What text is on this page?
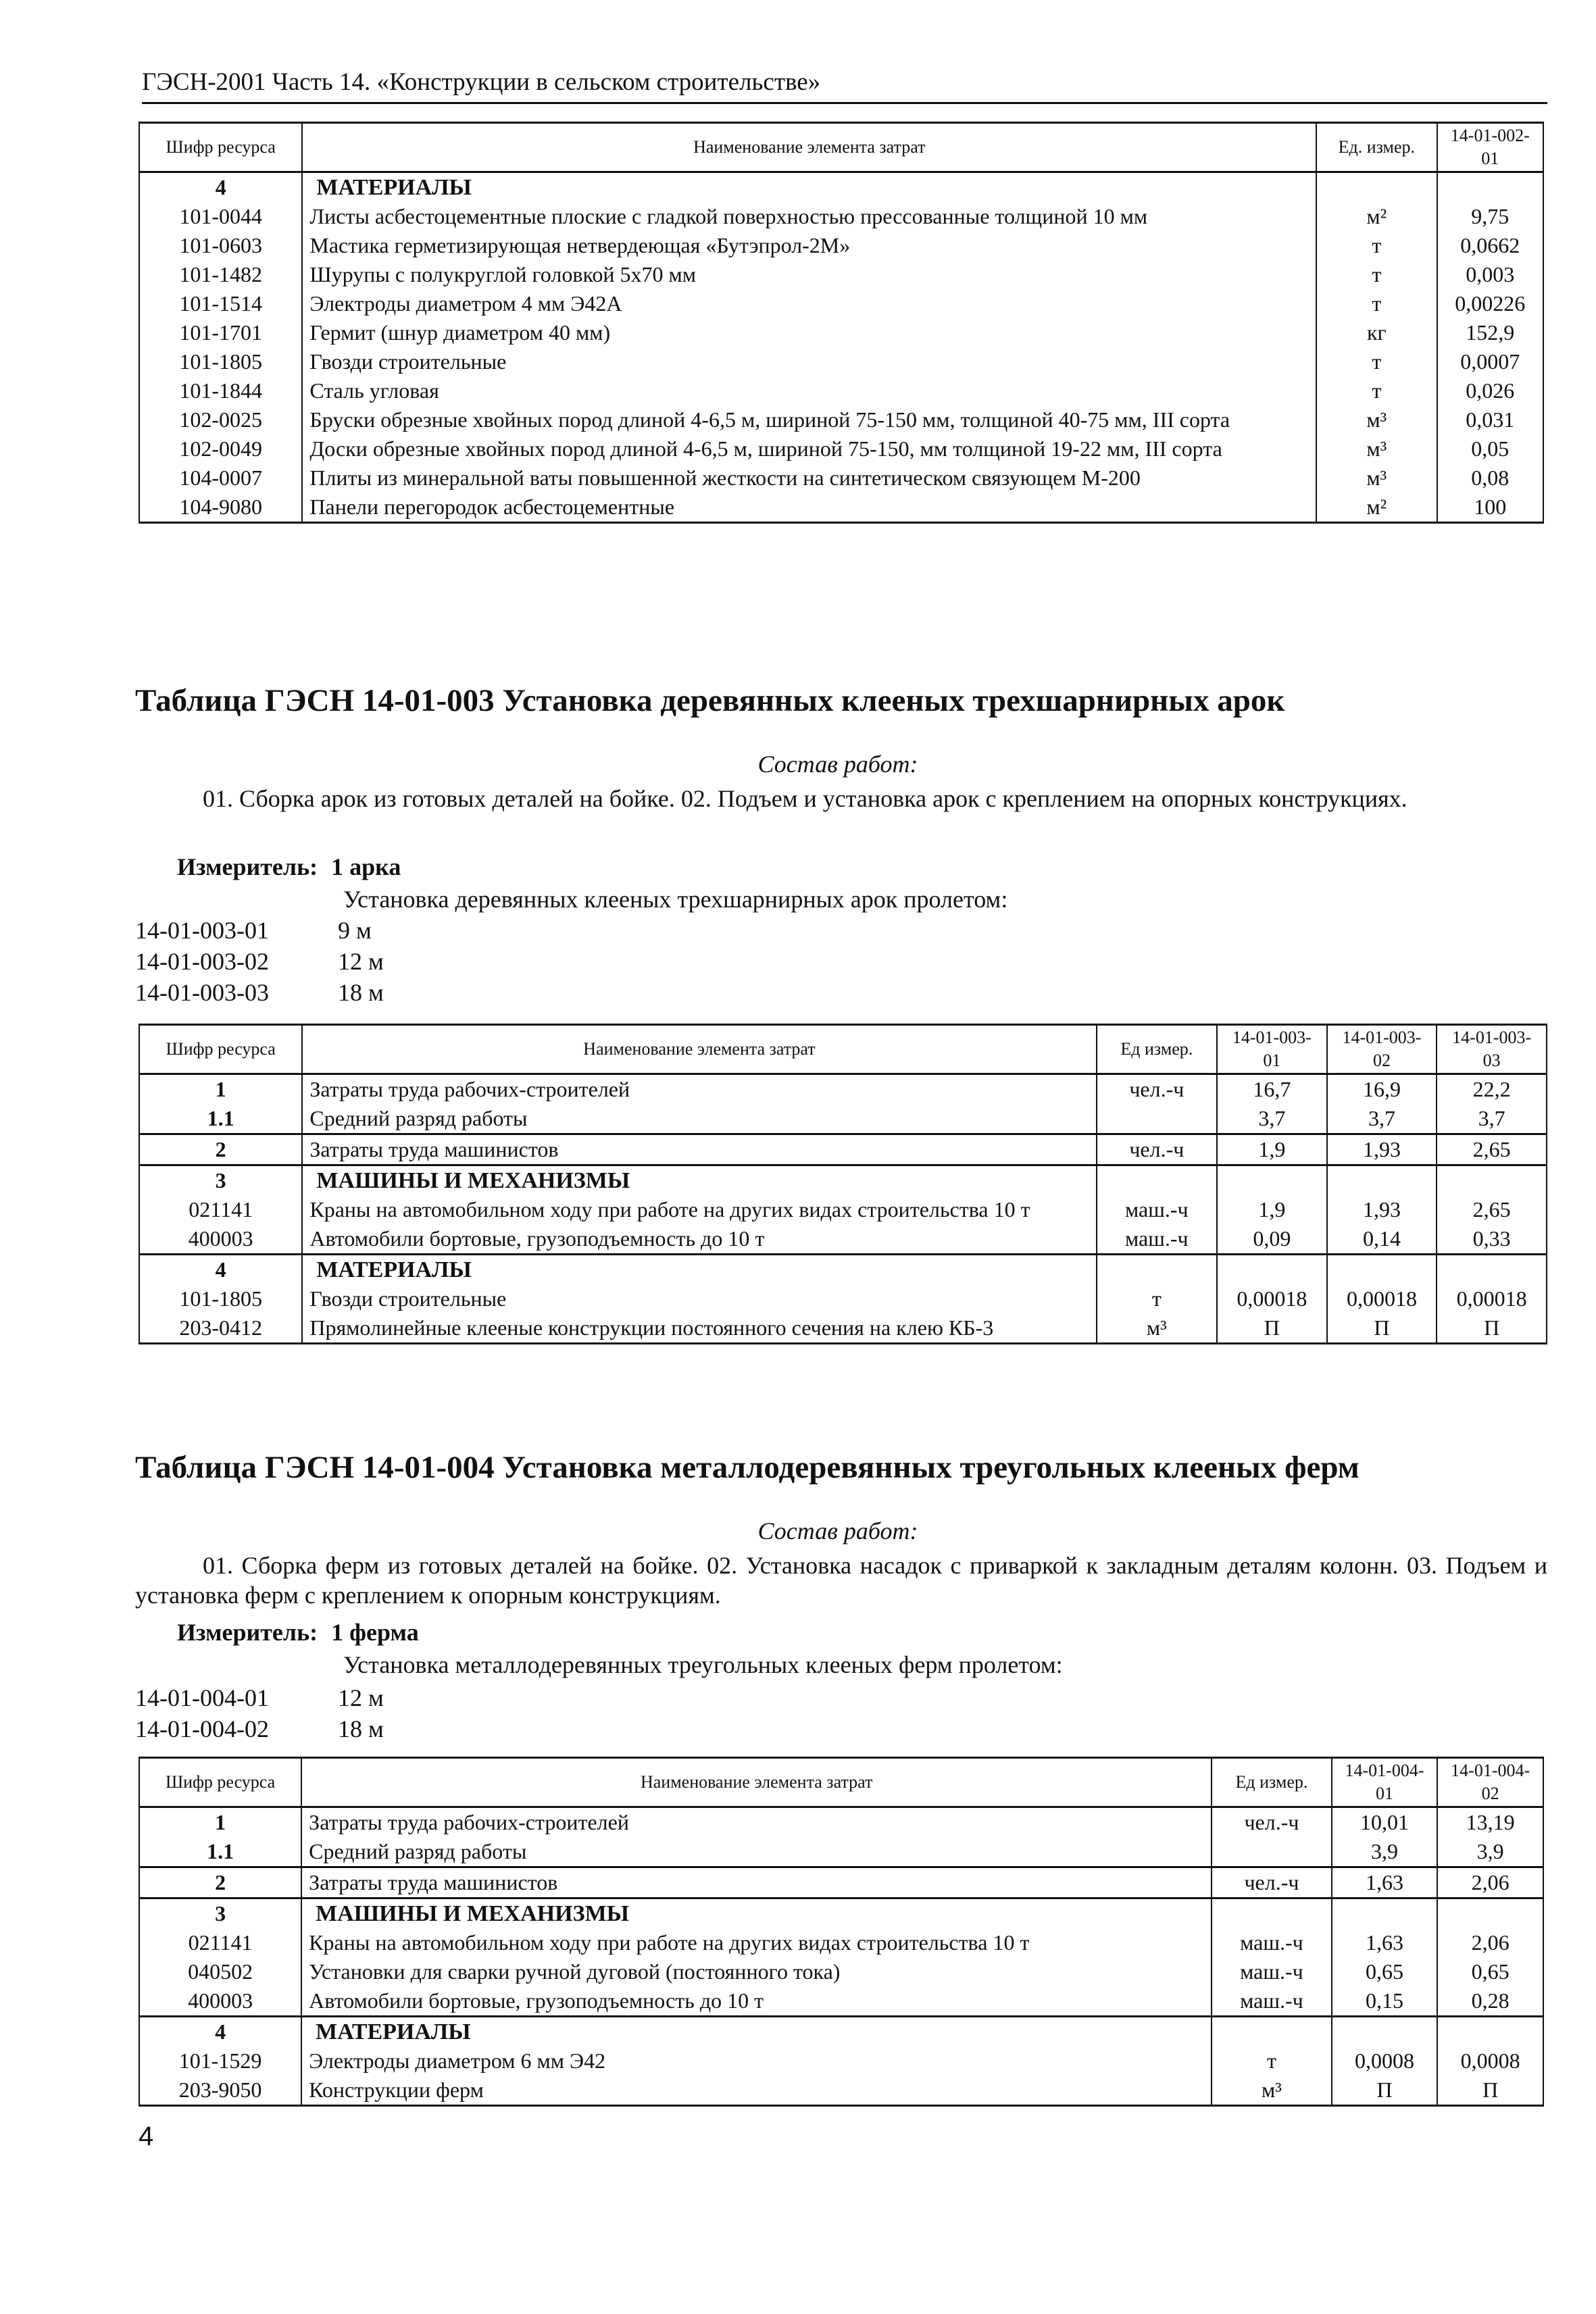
ГЭСН-2001 Часть 14. «Конструкции в сельском строительстве»
Шифр ресурса	Наименование элемента затрат	Ед. измер.	14-01-002-01
4	МАТЕРИАЛЫ		
101-0044	Листы асбестоцементные плоские с гладкой поверхностью прессованные толщиной 10 мм	м²	9,75
101-0603	Мастика герметизирующая нетвердеющая «Бутэпрол-2М»	т	0,0662
101-1482	Шурупы с полукруглой головкой 5х70 мм	т	0,003
101-1514	Электроды диаметром 4 мм Э42А	т	0,00226
101-1701	Гермит (шнур диаметром 40 мм)	кг	152,9
101-1805	Гвозди строительные	т	0,0007
101-1844	Сталь угловая	т	0,026
102-0025	Бруски обрезные хвойных пород длиной 4-6,5 м, шириной 75-150 мм, толщиной 40-75 мм, III сорта	м³	0,031
102-0049	Доски обрезные хвойных пород длиной 4-6,5 м, шириной 75-150, мм толщиной 19-22 мм, III сорта	м³	0,05
104-0007	Плиты из минеральной ваты повышенной жесткости на синтетическом связующем М-200	м³	0,08
104-9080	Панели перегородок асбестоцементные	м²	100
Таблица ГЭСН 14-01-003 Установка деревянных клееных трехшарнирных арок
Состав работ:
01. Сборка арок из готовых деталей на бойке. 02. Подъем и установка арок с креплением на опорных конструкциях.
Измеритель: 1 арка
Установка деревянных клееных трехшарнирных арок пролетом:
14-01-003-01	9 м
14-01-003-02	12 м
14-01-003-03	18 м
Шифр ресурса	Наименование элемента затрат	Ед измер.	14-01-003-01	14-01-003-02	14-01-003-03
1	Затраты труда рабочих-строителей	чел.-ч	16,7	16,9	22,2
1.1	Средний разряд работы		3,7	3,7	3,7
2	Затраты труда машинистов	чел.-ч	1,9	1,93	2,65
3	МАШИНЫ И МЕХАНИЗМЫ				
021141	Краны на автомобильном ходу при работе на других видах строительства 10 т	маш.-ч	1,9	1,93	2,65
400003	Автомобили бортовые, грузоподъемность до 10 т	маш.-ч	0,09	0,14	0,33
4	МАТЕРИАЛЫ				
101-1805	Гвозди строительные	т	0,00018	0,00018	0,00018
203-0412	Прямолинейные клееные конструкции постоянного сечения на клею КБ-3	м³	П	П	П
Таблица ГЭСН 14-01-004 Установка металлодеревянных треугольных клееных ферм
Состав работ:
01. Сборка ферм из готовых деталей на бойке. 02. Установка насадок с приваркой к закладным деталям колонн. 03. Подъем и установка ферм с креплением к опорным конструкциям.
Измеритель: 1 ферма
Установка металлодеревянных треугольных клееных ферм пролетом:
14-01-004-01	12 м
14-01-004-02	18 м
Шифр ресурса	Наименование элемента затрат	Ед измер.	14-01-004-01	14-01-004-02
1	Затраты труда рабочих-строителей	чел.-ч	10,01	13,19
1.1	Средний разряд работы		3,9	3,9
2	Затраты труда машинистов	чел.-ч	1,63	2,06
3	МАШИНЫ И МЕХАНИЗМЫ			
021141	Краны на автомобильном ходу при работе на других видах строительства 10 т	маш.-ч	1,63	2,06
040502	Установки для сварки ручной дуговой (постоянного тока)	маш.-ч	0,65	0,65
400003	Автомобили бортовые, грузоподъемность до 10 т	маш.-ч	0,15	0,28
4	МАТЕРИАЛЫ			
101-1529	Электроды диаметром 6 мм Э42	т	0,0008	0,0008
203-9050	Конструкции ферм	м³	П	П
4
